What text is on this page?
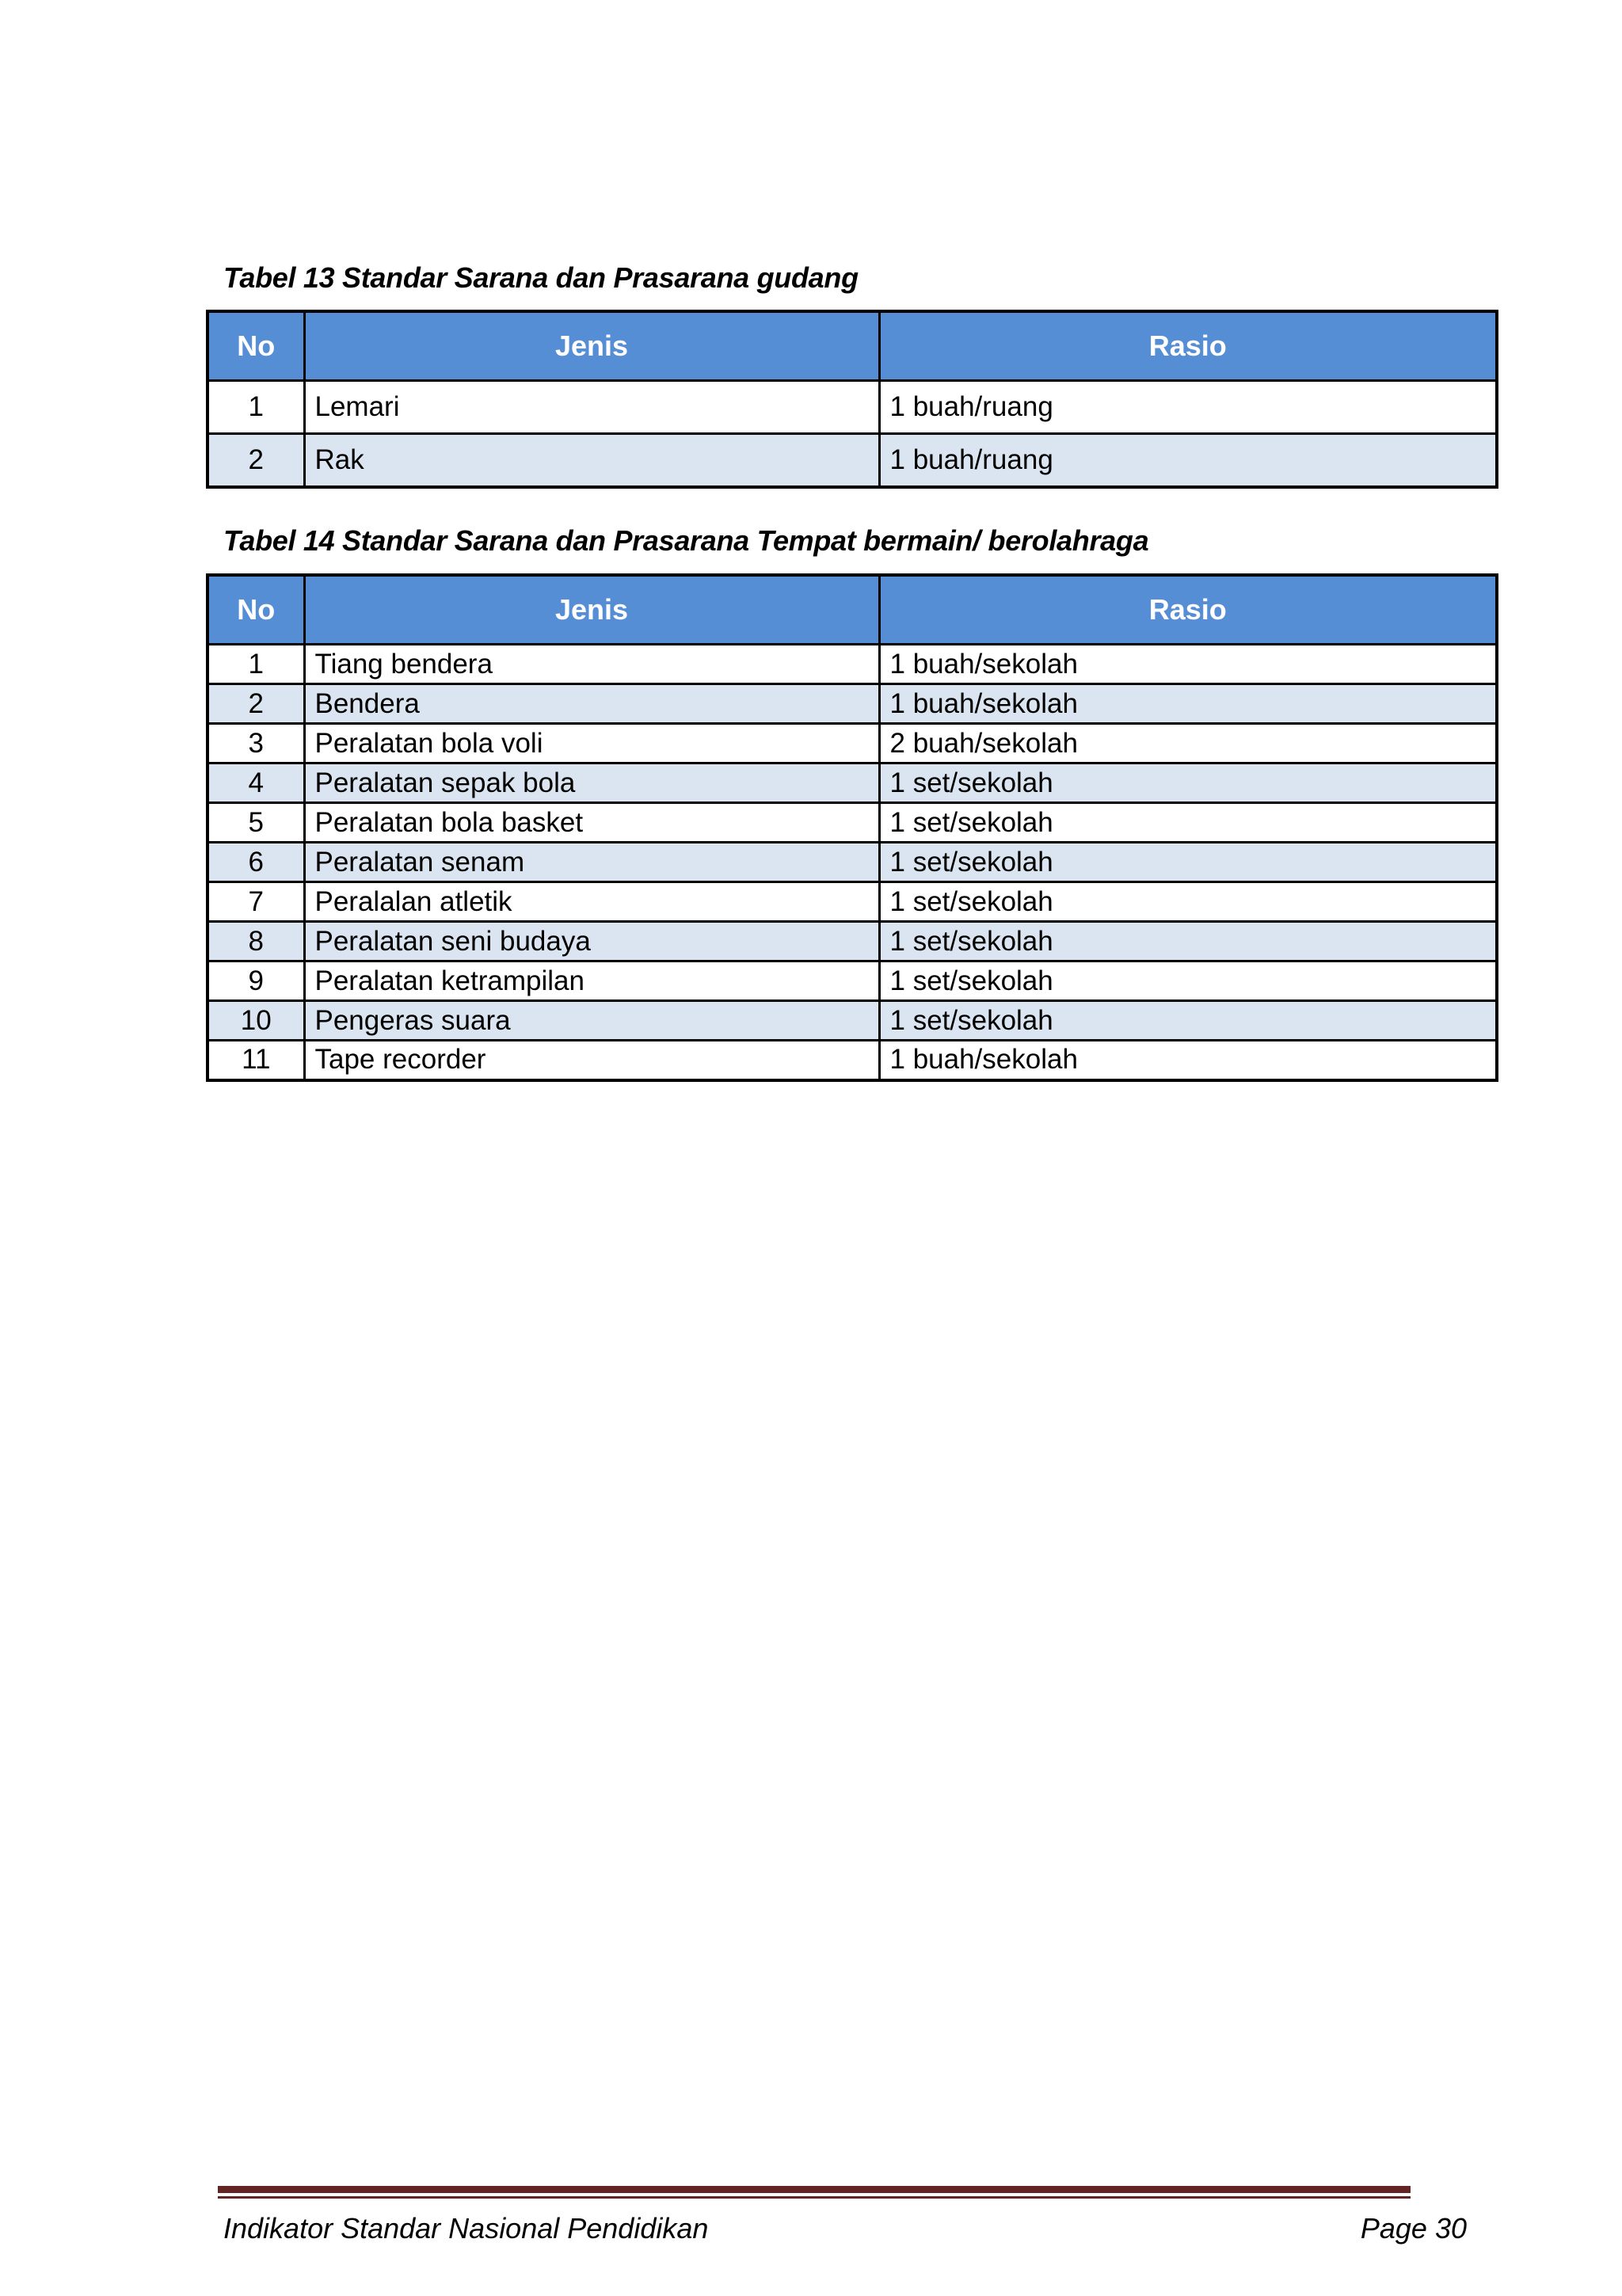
Tabel 13 Standar Sarana dan Prasarana gudang
No	Jenis	Rasio
1	Lemari	1 buah/ruang
2	Rak	1 buah/ruang
Tabel 14 Standar Sarana dan Prasarana Tempat bermain/ berolahraga
No	Jenis	Rasio
1	Tiang bendera	1 buah/sekolah
2	Bendera	1 buah/sekolah
3	Peralatan bola voli	2 buah/sekolah
4	Peralatan sepak bola	1 set/sekolah
5	Peralatan bola basket	1 set/sekolah
6	Peralatan senam	1 set/sekolah
7	Peralalan atletik	1 set/sekolah
8	Peralatan seni budaya	1 set/sekolah
9	Peralatan ketrampilan	1 set/sekolah
10	Pengeras suara	1 set/sekolah
11	Tape recorder	1 buah/sekolah
Indikator Standar Nasional Pendidikan	Page 30
